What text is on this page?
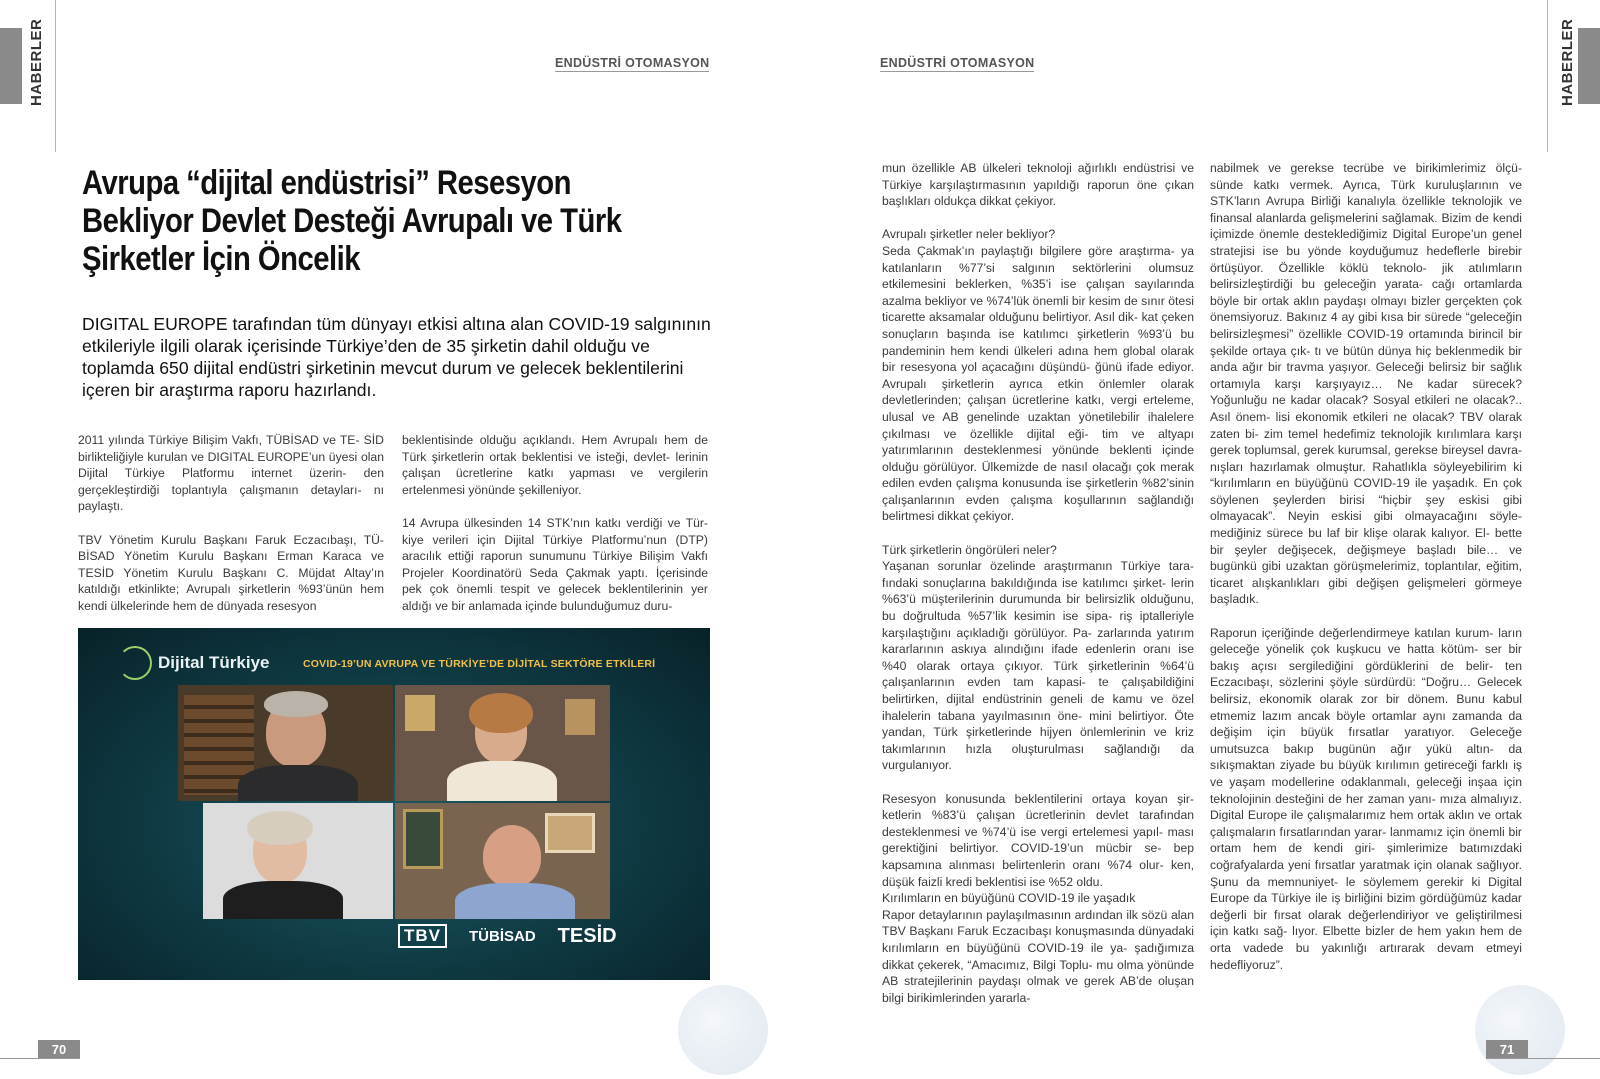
HABERLER	HABERLER
ENDÜSTRİ OTOMASYON	ENDÜSTRİ OTOMASYON
Avrupa “dijital endüstrisi” Resesyon Bekliyor Devlet Desteği Avrupalı ve Türk Şirketler İçin Öncelik

DIGITAL EUROPE tarafından tüm dünyayı etkisi altına alan COVID-19 salgınının etkileriyle ilgili olarak içerisinde Türkiye’den de 35 şirketin dahil olduğu ve toplamda 650 dijital endüstri şirketinin mevcut durum ve gelecek beklentilerini içeren bir araştırma raporu hazırlandı.

2011 yılında Türkiye Bilişim Vakfı, TÜBİSAD ve TE- SİD birlikteliğiyle kurulan ve DIGITAL EUROPE’un üyesi olan Dijital Türkiye Platformu internet üzerin- den gerçekleştirdiği toplantıyla çalışmanın detayları- nı paylaştı.

TBV Yönetim Kurulu Başkanı Faruk Eczacıbaşı, TÜ- BİSAD Yönetim Kurulu Başkanı Erman Karaca ve TESİD Yönetim Kurulu Başkanı C. Müjdat Altay’ın katıldığı etkinlikte; Avrupalı şirketlerin %93’ünün hem kendi ülkelerinde hem de dünyada resesyon

beklentisinde olduğu açıklandı. Hem Avrupalı hem de Türk şirketlerin ortak beklentisi ve isteği, devlet- lerinin çalışan ücretlerine katkı yapması ve vergilerin ertelenmesi yönünde şekilleniyor.

14 Avrupa ülkesinden 14 STK’nın katkı verdiği ve Tür- kiye verileri için Dijital Türkiye Platformu’nun (DTP) aracılık ettiği raporun sunumunu Türkiye Bilişim Vakfı Projeler Koordinatörü Seda Çakmak yaptı. İçerisinde pek çok önemli tespit ve gelecek beklentilerinin yer aldığı ve bir anlamada içinde bulunduğumuz duru-

Dijital Türkiye	COVID-19’UN AVRUPA VE TÜRKİYE’DE DİJİTAL SEKTÖRE ETKİLERİ
TBV	TÜBİSAD TESİD

mun özellikle AB ülkeleri teknoloji ağırlıklı endüstrisi ve Türkiye karşılaştırmasının yapıldığı raporun öne çıkan başlıkları oldukça dikkat çekiyor.

Avrupalı şirketler neler bekliyor?
Seda Çakmak’ın paylaştığı bilgilere göre araştırma- ya katılanların %77’si salgının sektörlerini olumsuz etkilemesini beklerken, %35’i ise çalışan sayılarında azalma bekliyor ve %74’lük önemli bir kesim de sınır ötesi ticarette aksamalar olduğunu belirtiyor. Asıl dik- kat çeken sonuçların başında ise katılımcı şirketlerin %93’ü bu pandeminin hem kendi ülkeleri adına hem global olarak bir resesyona yol açacağını düşündü- ğünü ifade ediyor. Avrupalı şirketlerin ayrıca etkin önlemler olarak devletlerinden; çalışan ücretlerine katkı, vergi erteleme, ulusal ve AB genelinde uzaktan yönetilebilir ihalelere çıkılması ve özellikle dijital eği- tim ve altyapı yatırımlarının desteklenmesi yönünde beklenti içinde olduğu görülüyor. Ülkemizde de nasıl olacağı çok merak edilen evden çalışma konusunda ise şirketlerin %82’sinin çalışanlarının evden çalışma koşullarının sağlandığı belirtmesi dikkat çekiyor.

Türk şirketlerin öngörüleri neler?
Yaşanan sorunlar özelinde araştırmanın Türkiye tara- fındaki sonuçlarına bakıldığında ise katılımcı şirket- lerin %63’ü müşterilerinin durumunda bir belirsizlik olduğunu, bu doğrultuda %57’lik kesimin ise sipa- riş iptalleriyle karşılaştığını açıkladığı görülüyor. Pa- zarlarında yatırım kararlarının askıya alındığını ifade edenlerin oranı ise %40 olarak ortaya çıkıyor. Türk şirketlerinin %64’ü çalışanlarının evden tam kapasi- te çalışabildiğini belirtirken, dijital endüstrinin geneli de kamu ve özel ihalelerin tabana yayılmasının öne- mini belirtiyor. Öte yandan, Türk şirketlerinde hijyen önlemlerinin ve kriz takımlarının hızla oluşturulması sağlandığı da vurgulanıyor.

Resesyon konusunda beklentilerini ortaya koyan şir- ketlerin %83’ü çalışan ücretlerinin devlet tarafından desteklenmesi ve %74’ü ise vergi ertelemesi yapıl- ması gerektiğini belirtiyor. COVID-19’un mücbir se- bep kapsamına alınması belirtenlerin oranı %74 olur- ken, düşük faizli kredi beklentisi ise %52 oldu.
Kırılımların en büyüğünü COVID-19 ile yaşadık
Rapor detaylarının paylaşılmasının ardından ilk sözü alan TBV Başkanı Faruk Eczacıbaşı konuşmasında dünyadaki kırılımların en büyüğünü COVID-19 ile ya- şadığımıza dikkat çekerek, “Amacımız, Bilgi Toplu- mu olma yönünde AB stratejilerinin paydaşı olmak ve gerek AB’de oluşan bilgi birikimlerinden yararla-

nabilmek ve gerekse tecrübe ve birikimlerimiz ölçü- sünde katkı vermek. Ayrıca, Türk kuruluşlarının ve STK’ların Avrupa Birliği kanalıyla özellikle teknolojik ve finansal alanlarda gelişmelerini sağlamak. Bizim de kendi içimizde önemle desteklediğimiz Digital Europe’un genel stratejisi ise bu yönde koyduğumuz hedeflerle birebir örtüşüyor. Özellikle köklü teknolo- jik atılımların belirsizleştirdiği bu geleceğin yarata- cağı ortamlarda böyle bir ortak aklın paydaşı olmayı bizler gerçekten çok önemsiyoruz. Bakınız 4 ay gibi kısa bir sürede “geleceğin belirsizleşmesi” özellikle COVID-19 ortamında birincil bir şekilde ortaya çık- tı ve bütün dünya hiç beklenmedik bir anda ağır bir travma yaşıyor. Geleceği belirsiz bir sağlık ortamıyla karşı karşıyayız… Ne kadar sürecek? Yoğunluğu ne kadar olacak? Sosyal etkileri ne olacak?.. Asıl önem- lisi ekonomik etkileri ne olacak? TBV olarak zaten bi- zim temel hedefimiz teknolojik kırılımlara karşı gerek toplumsal, gerek kurumsal, gerekse bireysel davra- nışları hazırlamak olmuştur. Rahatlıkla söyleyebilirim ki “kırılımların en büyüğünü COVID-19 ile yaşadık. En çok söylenen şeylerden birisi “hiçbir şey eskisi gibi olmayacak”. Neyin eskisi gibi olmayacağını söyle- mediğiniz sürece bu laf bir klişe olarak kalıyor. El- bette bir şeyler değişecek, değişmeye başladı bile… ve bugünkü gibi uzaktan görüşmelerimiz, toplantılar, eğitim, ticaret alışkanlıkları gibi değişen gelişmeleri görmeye başladık.

Raporun içeriğinde değerlendirmeye katılan kurum- ların geleceğe yönelik çok kuşkucu ve hatta kötüm- ser bir bakış açısı sergilediğini gördüklerini de belir- ten Eczacıbaşı, sözlerini şöyle sürdürdü: “Doğru… Gelecek belirsiz, ekonomik olarak zor bir dönem. Bunu kabul etmemiz lazım ancak böyle ortamlar aynı zamanda da değişim için büyük fırsatlar yaratıyor. Geleceğe umutsuzca bakıp bugünün ağır yükü altın- da sıkışmaktan ziyade bu büyük kırılımın getireceği farklı iş ve yaşam modellerine odaklanmalı, geleceği inşaa için teknolojinin desteğini de her zaman yanı- mıza almalıyız. Digital Europe ile çalışmalarımız hem ortak aklın ve ortak çalışmaların fırsatlarından yarar- lanmamız için önemli bir ortam hem de kendi giri- şimlerimize batımızdaki coğrafyalarda yeni fırsatlar yaratmak için olanak sağlıyor. Şunu da memnuniyet- le söylemem gerekir ki Digital Europe da Türkiye ile iş birliğini bizim gördüğümüz kadar değerli bir fırsat olarak değerlendiriyor ve geliştirilmesi için katkı sağ- lıyor. Elbette bizler de hem yakın hem de orta vadede bu yakınlığı artırarak devam etmeyi hedefliyoruz”.

70	71
